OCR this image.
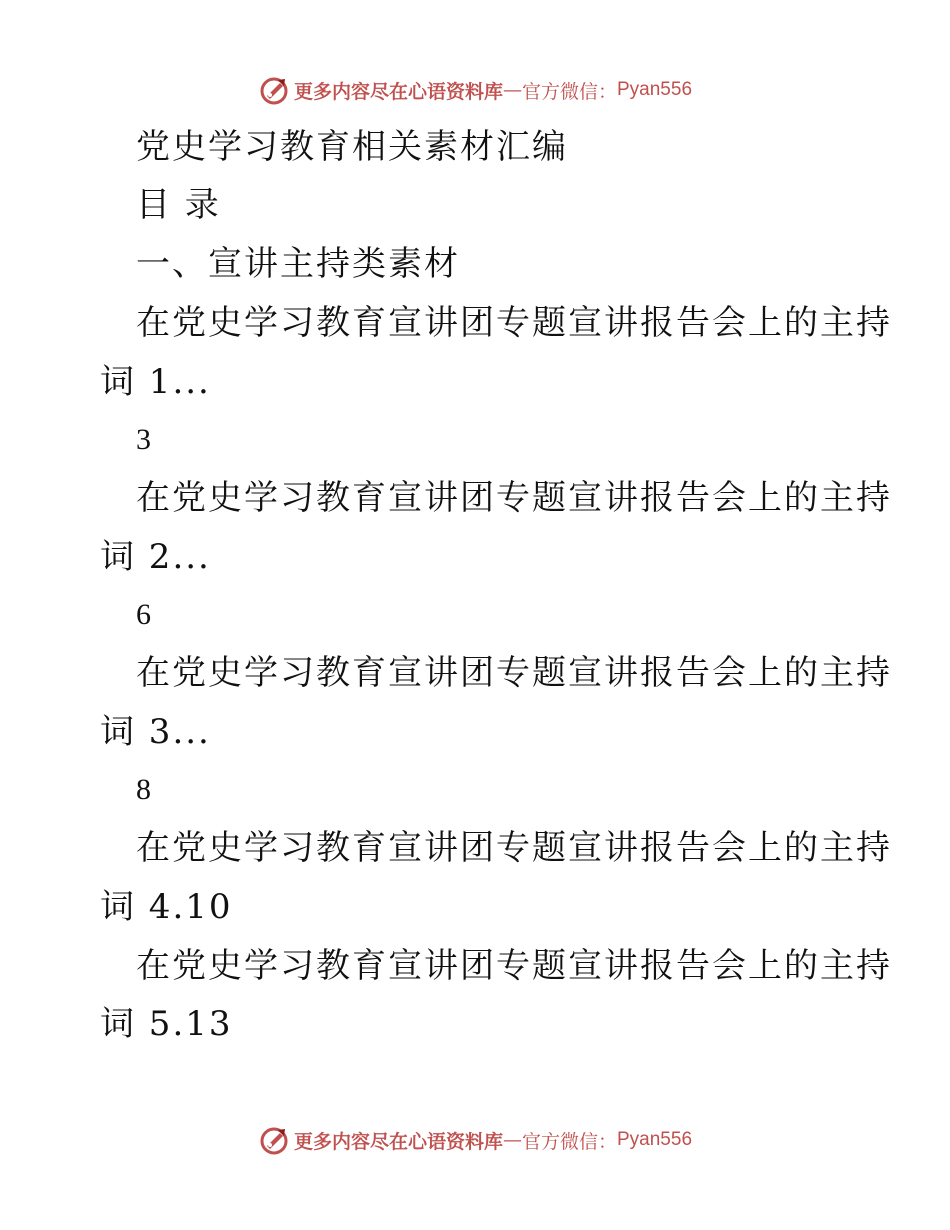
更多内容尽在心语资料库 — 官方微信： Pyan556
党史学习教育相关素材汇编
目 录
一、宣讲主持类素材
在党史学习教育宣讲团专题宣讲报告会上的主持
词 1...
3
在党史学习教育宣讲团专题宣讲报告会上的主持
词 2...
6
在党史学习教育宣讲团专题宣讲报告会上的主持
词 3...
8
在党史学习教育宣讲团专题宣讲报告会上的主持
词 4.10
在党史学习教育宣讲团专题宣讲报告会上的主持
词 5.13
更多内容尽在心语资料库 — 官方微信： Pyan556
